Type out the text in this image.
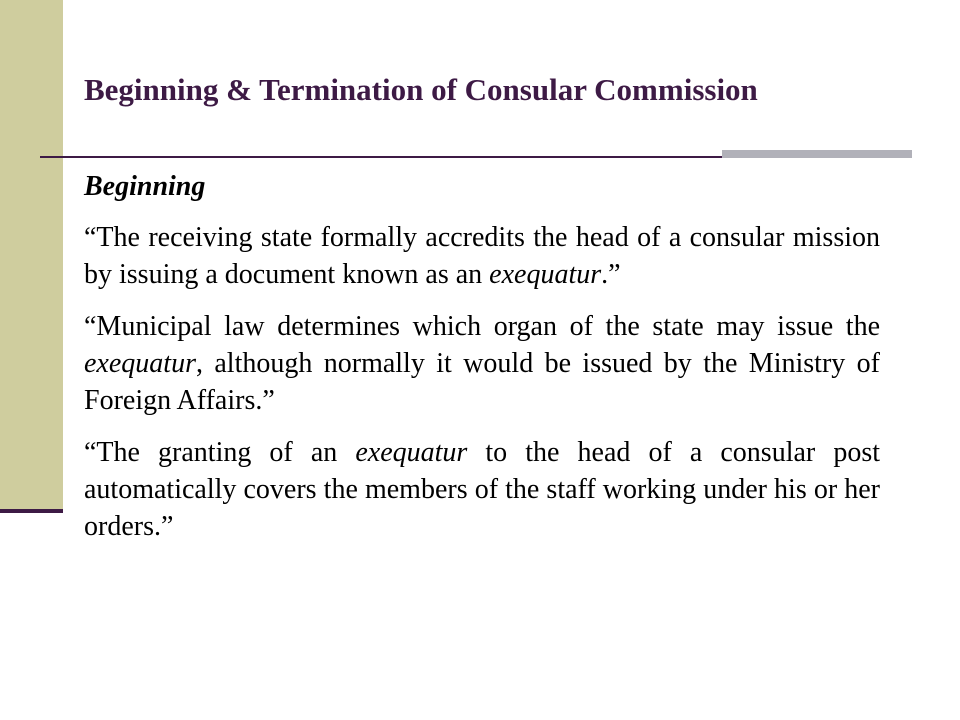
Beginning & Termination of Consular Commission

Beginning

“The receiving state formally accredits the head of a consular mission by issuing a document known as an exequatur.”

“Municipal law determines which organ of the state may issue the exequatur, although normally it would be issued by the Ministry of Foreign Affairs.”

“The granting of an exequatur to the head of a consular post automatically covers the members of the staff working under his or her orders.”
